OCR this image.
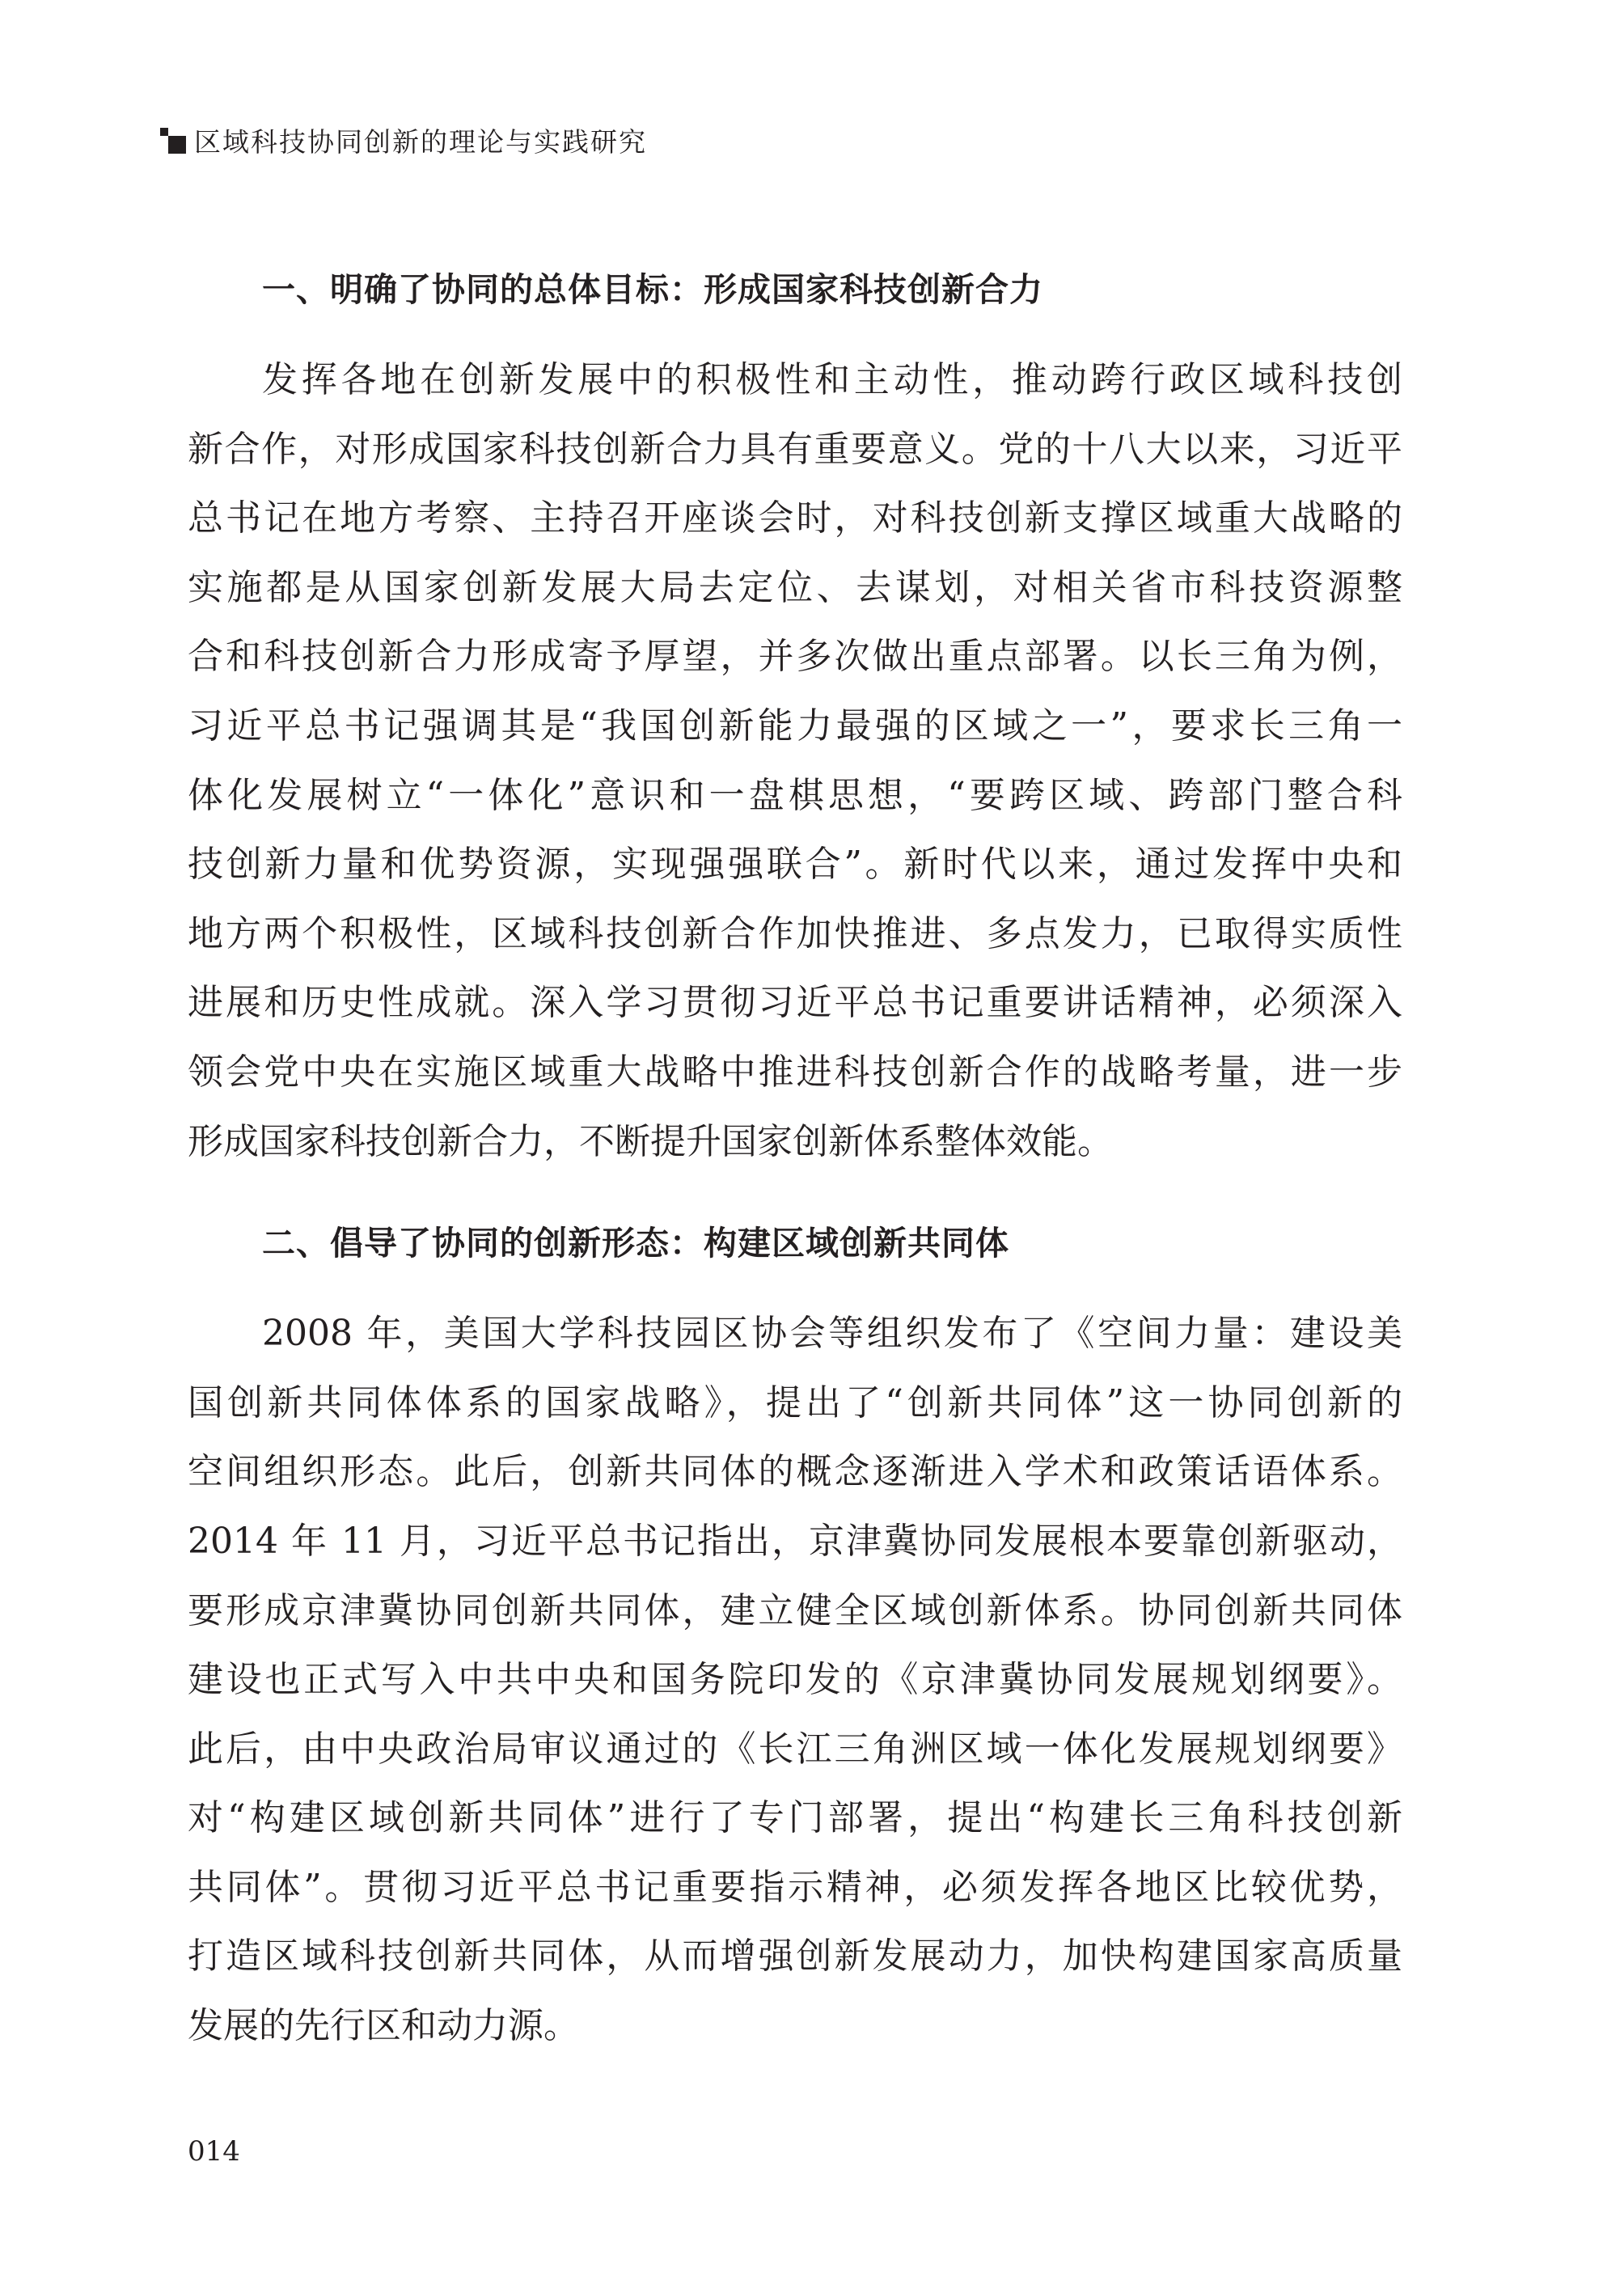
区域科技协同创新的理论与实践研究
一、明确了协同的总体目标：形成国家科技创新合力

发挥各地在创新发展中的积极性和主动性，推动跨行政区域科技创
新合作，对形成国家科技创新合力具有重要意义。党的十八大以来，习近平
总书记在地方考察、主持召开座谈会时，对科技创新支撑区域重大战略的
实施都是从国家创新发展大局去定位、去谋划，对相关省市科技资源整
合和科技创新合力形成寄予厚望，并多次做出重点部署。以长三角为例，
习近平总书记强调其是“我国创新能力最强的区域之一”，要求长三角一
体化发展树立“一体化”意识和一盘棋思想，“要跨区域、跨部门整合科
技创新力量和优势资源，实现强强联合”。新时代以来，通过发挥中央和
地方两个积极性，区域科技创新合作加快推进、多点发力，已取得实质性
进展和历史性成就。深入学习贯彻习近平总书记重要讲话精神，必须深入
领会党中央在实施区域重大战略中推进科技创新合作的战略考量，进一步
形成国家科技创新合力，不断提升国家创新体系整体效能。

二、倡导了协同的创新形态：构建区域创新共同体

2008 年，美国大学科技园区协会等组织发布了《空间力量：建设美
国创新共同体体系的国家战略》，提出了“创新共同体”这一协同创新的
空间组织形态。此后，创新共同体的概念逐渐进入学术和政策话语体系。
2014 年 11 月，习近平总书记指出，京津冀协同发展根本要靠创新驱动，
要形成京津冀协同创新共同体，建立健全区域创新体系。协同创新共同体
建设也正式写入中共中央和国务院印发的《京津冀协同发展规划纲要》。
此后，由中央政治局审议通过的《长江三角洲区域一体化发展规划纲要》
对“构建区域创新共同体”进行了专门部署，提出“构建长三角科技创新
共同体”。贯彻习近平总书记重要指示精神，必须发挥各地区比较优势，
打造区域科技创新共同体，从而增强创新发展动力，加快构建国家高质量
发展的先行区和动力源。

014
